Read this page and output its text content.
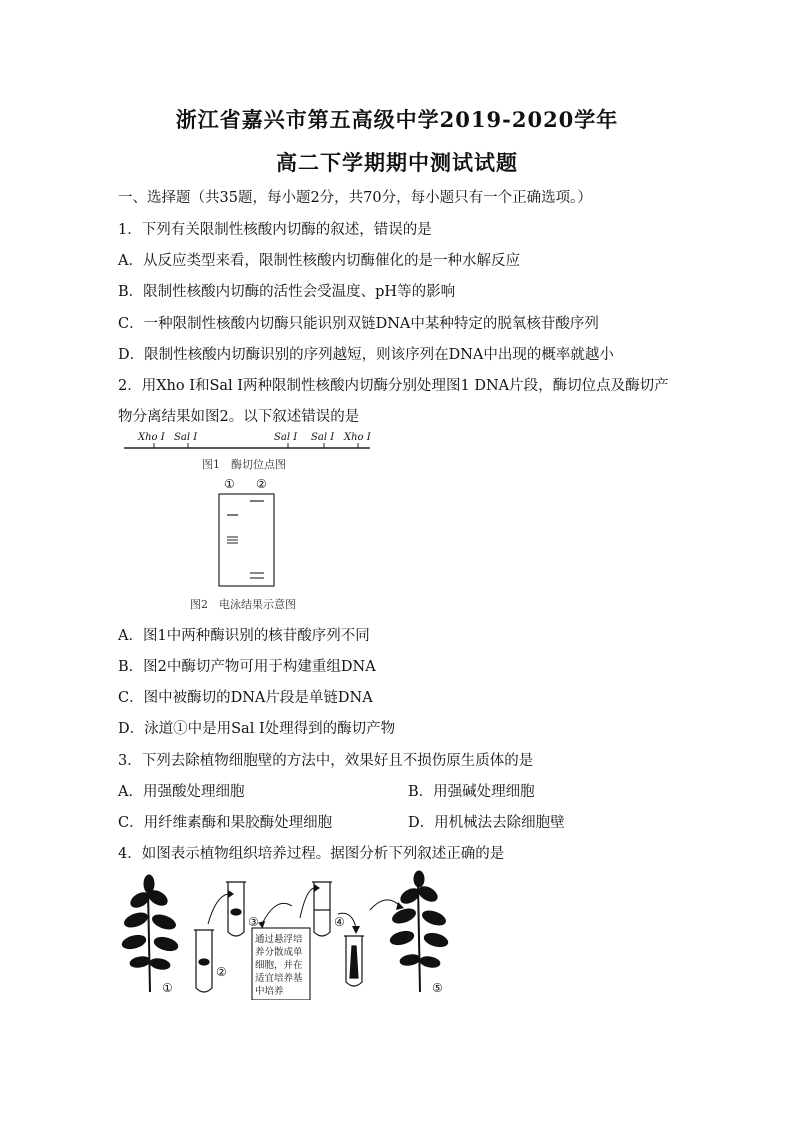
浙江省嘉兴市第五高级中学2019-2020学年
高二下学期期中测试试题
一、选择题（共35题，每小题2分，共70分，每小题只有一个正确选项。）
1．下列有关限制性核酸内切酶的叙述，错误的是
A．从反应类型来看，限制性核酸内切酶催化的是一种水解反应
B．限制性核酸内切酶的活性会受温度、pH等的影响
C．一种限制性核酸内切酶只能识别双链DNA中某种特定的脱氧核苷酸序列
D．限制性核酸内切酶识别的序列越短，则该序列在DNA中出现的概率就越小
2．用Xho Ⅰ和Sal Ⅰ两种限制性核酸内切酶分别处理图1 DNA片段，酶切位点及酶切产
物分离结果如图2。以下叙述错误的是
Xho Ⅰ Sal Ⅰ	Sal Ⅰ Sal Ⅰ Xho Ⅰ
图1　酶切位点图
① ②
图2　电泳结果示意图
A．图1中两种酶识别的核苷酸序列不同
B．图2中酶切产物可用于构建重组DNA
C．图中被酶切的DNA片段是单链DNA
D．泳道①中是用Sal Ⅰ处理得到的酶切产物
3．下列去除植物细胞壁的方法中，效果好且不损伤原生质体的是
A．用强酸处理细胞	B．用强碱处理细胞
C．用纤维素酶和果胶酶处理细胞	D．用机械法去除细胞壁
4．如图表示植物组织培养过程。据图分析下列叙述正确的是
①
②
③	④
⑤
通过悬浮培养分散成单细胞，并在适宜培养基中培养
